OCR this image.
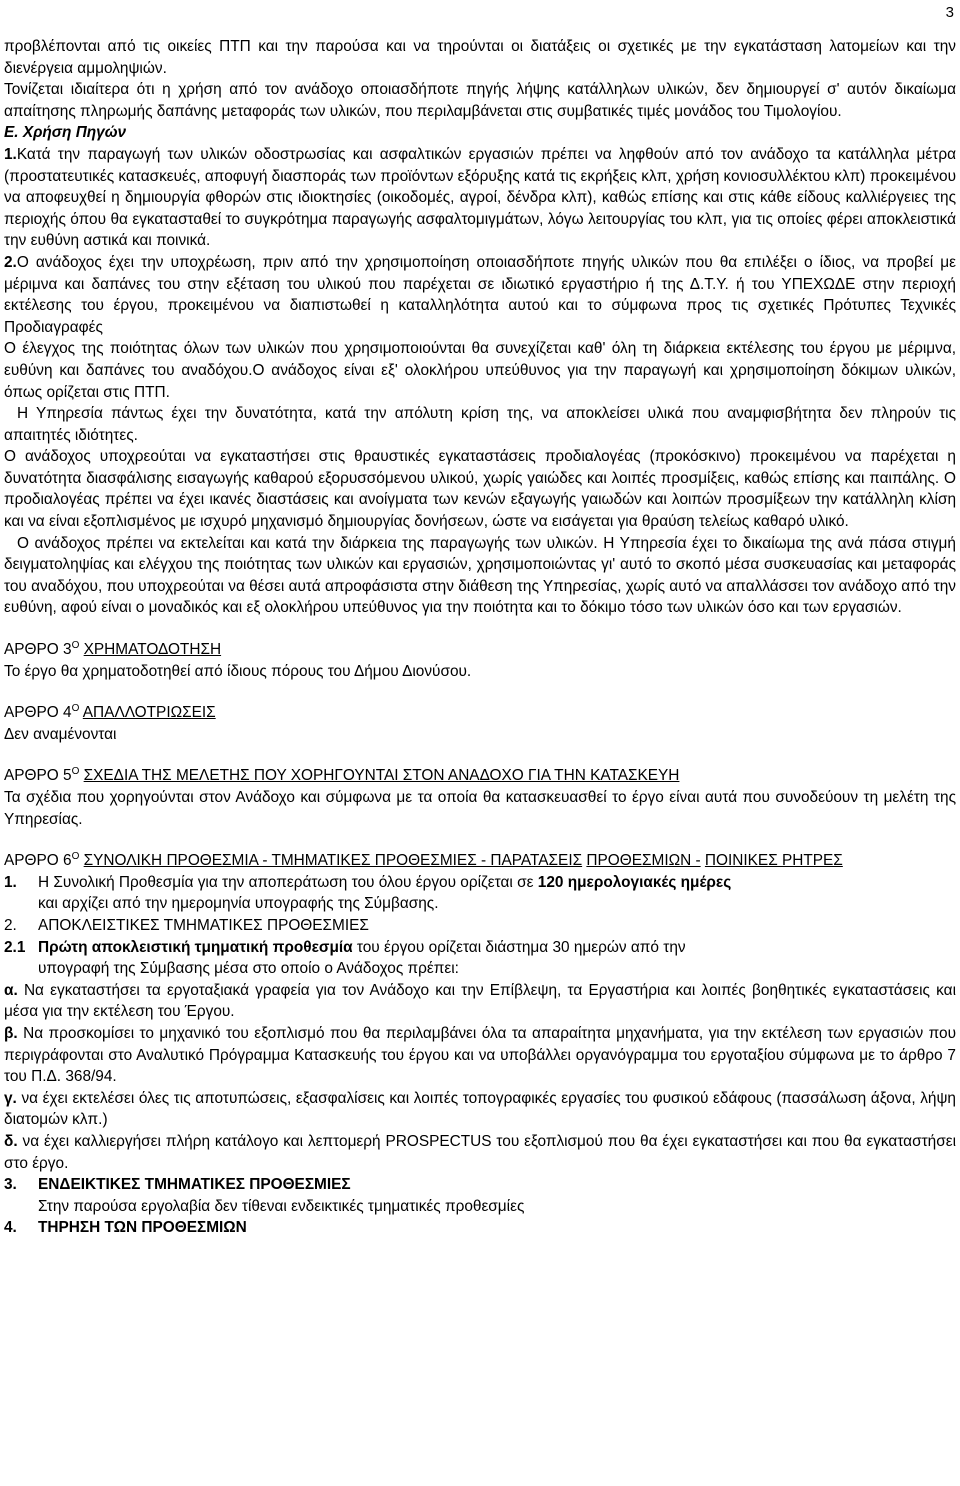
3

προβλέπονται από τις οικείες ΠΤΠ και την παρούσα και να τηρούνται οι διατάξεις οι σχετικές με την εγκατάσταση λατομείων και την διενέργεια αμμοληψιών.

Τονίζεται ιδιαίτερα ότι η χρήση από τον ανάδοχο οποιασδήποτε πηγής λήψης κατάλληλων υλικών, δεν δημιουργεί σ' αυτόν δικαίωμα απαίτησης πληρωμής δαπάνης μεταφοράς των υλικών, που περιλαμβάνεται στις συμβατικές τιμές μονάδος του Τιμολογίου.

Ε. Χρήση Πηγών

1.Κατά την παραγωγή των υλικών οδοστρωσίας και ασφαλτικών εργασιών πρέπει να ληφθούν από τον ανάδοχο τα κατάλληλα μέτρα (προστατευτικές κατασκευές, αποφυγή διασποράς των προϊόντων εξόρυξης κατά τις εκρήξεις κλπ, χρήση κονιοσυλλέκτου κλπ) προκειμένου να αποφευχθεί η δημιουργία φθορών στις ιδιοκτησίες (οικοδομές, αγροί, δένδρα κλπ), καθώς επίσης και στις κάθε είδους καλλιέργειες της περιοχής όπου θα εγκατασταθεί το συγκρότημα παραγωγής ασφαλτομιγμάτων, λόγω λειτουργίας του κλπ, για τις οποίες φέρει αποκλειστικά την ευθύνη αστικά και ποινικά.

2.Ο ανάδοχος έχει την υποχρέωση, πριν από την χρησιμοποίηση οποιασδήποτε πηγής υλικών που θα επιλέξει ο ίδιος, να προβεί με μέριμνα και δαπάνες του στην εξέταση του υλικού που παρέχεται σε ιδιωτικό εργαστήριο ή της Δ.Τ.Υ. ή του ΥΠΕΧΩΔΕ στην περιοχή εκτέλεσης του έργου, προκειμένου να διαπιστωθεί η καταλληλότητα αυτού και το σύμφωνα προς τις σχετικές Πρότυπες Τεχνικές Προδιαγραφές

Ο έλεγχος της ποιότητας όλων των υλικών που χρησιμοποιούνται θα συνεχίζεται καθ' όλη τη διάρκεια εκτέλεσης του έργου με μέριμνα, ευθύνη και δαπάνες του αναδόχου.Ο ανάδοχος είναι εξ' ολοκλήρου υπεύθυνος για την παραγωγή και χρησιμοποίηση δόκιμων υλικών, όπως ορίζεται στις ΠΤΠ.

Η Υπηρεσία πάντως έχει την δυνατότητα, κατά την απόλυτη κρίση της, να αποκλείσει υλικά που αναμφισβήτητα δεν πληρούν τις απαιτητές ιδιότητες.

Ο ανάδοχος υποχρεούται να εγκαταστήσει στις θραυστικές εγκαταστάσεις προδιαλογέας (προκόσκινο) προκειμένου να παρέχεται η δυνατότητα διασφάλισης εισαγωγής καθαρού εξορυσσόμενου υλικού, χωρίς γαιώδες και λοιπές προσμίξεις, καθώς επίσης και παιπάλης. Ο προδιαλογέας πρέπει να έχει ικανές διαστάσεις και ανοίγματα των κενών εξαγωγής γαιωδών και λοιπών προσμίξεων την κατάλληλη κλίση και να είναι εξοπλισμένος με ισχυρό μηχανισμό δημιουργίας δονήσεων, ώστε να εισάγεται για θραύση τελείως καθαρό υλικό.

Ο ανάδοχος πρέπει να εκτελείται και κατά την διάρκεια της παραγωγής των υλικών. Η Υπηρεσία έχει το δικαίωμα της ανά πάσα στιγμή δειγματοληψίας και ελέγχου της ποιότητας των υλικών και εργασιών, χρησιμοποιώντας γι' αυτό το σκοπό μέσα συσκευασίας και μεταφοράς του αναδόχου, που υποχρεούται να θέσει αυτά απροφάσιστα στην διάθεση της Υπηρεσίας, χωρίς αυτό να απαλλάσσει τον ανάδοχο από την ευθύνη, αφού είναι ο μοναδικός και εξ ολοκλήρου υπεύθυνος για την ποιότητα και το δόκιμο τόσο των υλικών όσο και των εργασιών.

ΑΡΘΡΟ $3^O$ ΧΡΗΜΑΤΟΔΟΤΗΣΗ

Το έργο θα χρηματοδοτηθεί από ίδιους πόρους του Δήμου Διονύσου.

ΑΡΘΡΟ $4^O$ ΑΠΑΛΛΟΤΡΙΩΣΕΙΣ

Δεν αναμένονται

ΑΡΘΡΟ $5^O$ ΣΧΕΔΙΑ ΤΗΣ ΜΕΛΕΤΗΣ ΠΟΥ ΧΟΡΗΓΟΥΝΤΑΙ ΣΤΟΝ ΑΝΑΔΟΧΟ ΓΙΑ ΤΗΝ ΚΑΤΑΣΚΕΥΗ

Τα σχέδια που χορηγούνται στον Ανάδοχο και σύμφωνα με τα οποία θα κατασκευασθεί το έργο είναι αυτά που συνοδεύουν τη μελέτη της Υπηρεσίας.

ΑΡΘΡΟ $6^O$ ΣΥΝΟΛΙΚΗ ΠΡΟΘΕΣΜΙΑ - ΤΜΗΜΑΤΙΚΕΣ ΠΡΟΘΕΣΜΙΕΣ - ΠΑΡΑΤΑΣΕΙΣ ΠΡΟΘΕΣΜΙΩΝ - ΠΟΙΝΙΚΕΣ ΡΗΤΡΕΣ

1.	Η Συνολική Προθεσμία για την αποπεράτωση του όλου έργου ορίζεται σε 120 ημερολογιακές ημέρες

και αρχίζει από την ημερομηνία υπογραφής της Σύμβασης.

2.	ΑΠΟΚΛΕΙΣΤΙΚΕΣ ΤΜΗΜΑΤΙΚΕΣ ΠΡΟΘΕΣΜΙΕΣ
2.1 Πρώτη αποκλειστική τμηματική προθεσμία του έργου ορίζεται διάστημα 30 ημερών από την

υπογραφή της Σύμβασης μέσα στο οποίο ο Ανάδοχος πρέπει:

α. Να εγκαταστήσει τα εργοταξιακά γραφεία για τον Ανάδοχο και την Επίβλεψη, τα Εργαστήρια και λοιπές βοηθητικές εγκαταστάσεις και μέσα για την εκτέλεση του Έργου.

β. Να προσκομίσει το μηχανικό του εξοπλισμό που θα περιλαμβάνει όλα τα απαραίτητα μηχανήματα, για την εκτέλεση των εργασιών που περιγράφονται στο Αναλυτικό Πρόγραμμα Κατασκευής του έργου και να υποβάλλει οργανόγραμμα του εργοταξίου σύμφωνα με το άρθρο 7 του Π.Δ. 368/94.

γ. να έχει εκτελέσει όλες τις αποτυπώσεις, εξασφαλίσεις και λοιπές τοπογραφικές εργασίες του φυσικού εδάφους (πασσάλωση άξονα, λήψη διατομών κλπ.)

δ. να έχει καλλιεργήσει πλήρη κατάλογο και λεπτομερή PROSPECTUS του εξοπλισμού που θα έχει εγκαταστήσει και που θα εγκαταστήσει στο έργο.

3.	ΕΝΔΕΙΚΤΙΚΕΣ ΤΜΗΜΑΤΙΚΕΣ ΠΡΟΘΕΣΜΙΕΣ

Στην παρούσα εργολαβία δεν τίθεναι ενδεικτικές τμηματικές προθεσμίες

4.	ΤΗΡΗΣΗ ΤΩΝ ΠΡΟΘΕΣΜΙΩΝ
